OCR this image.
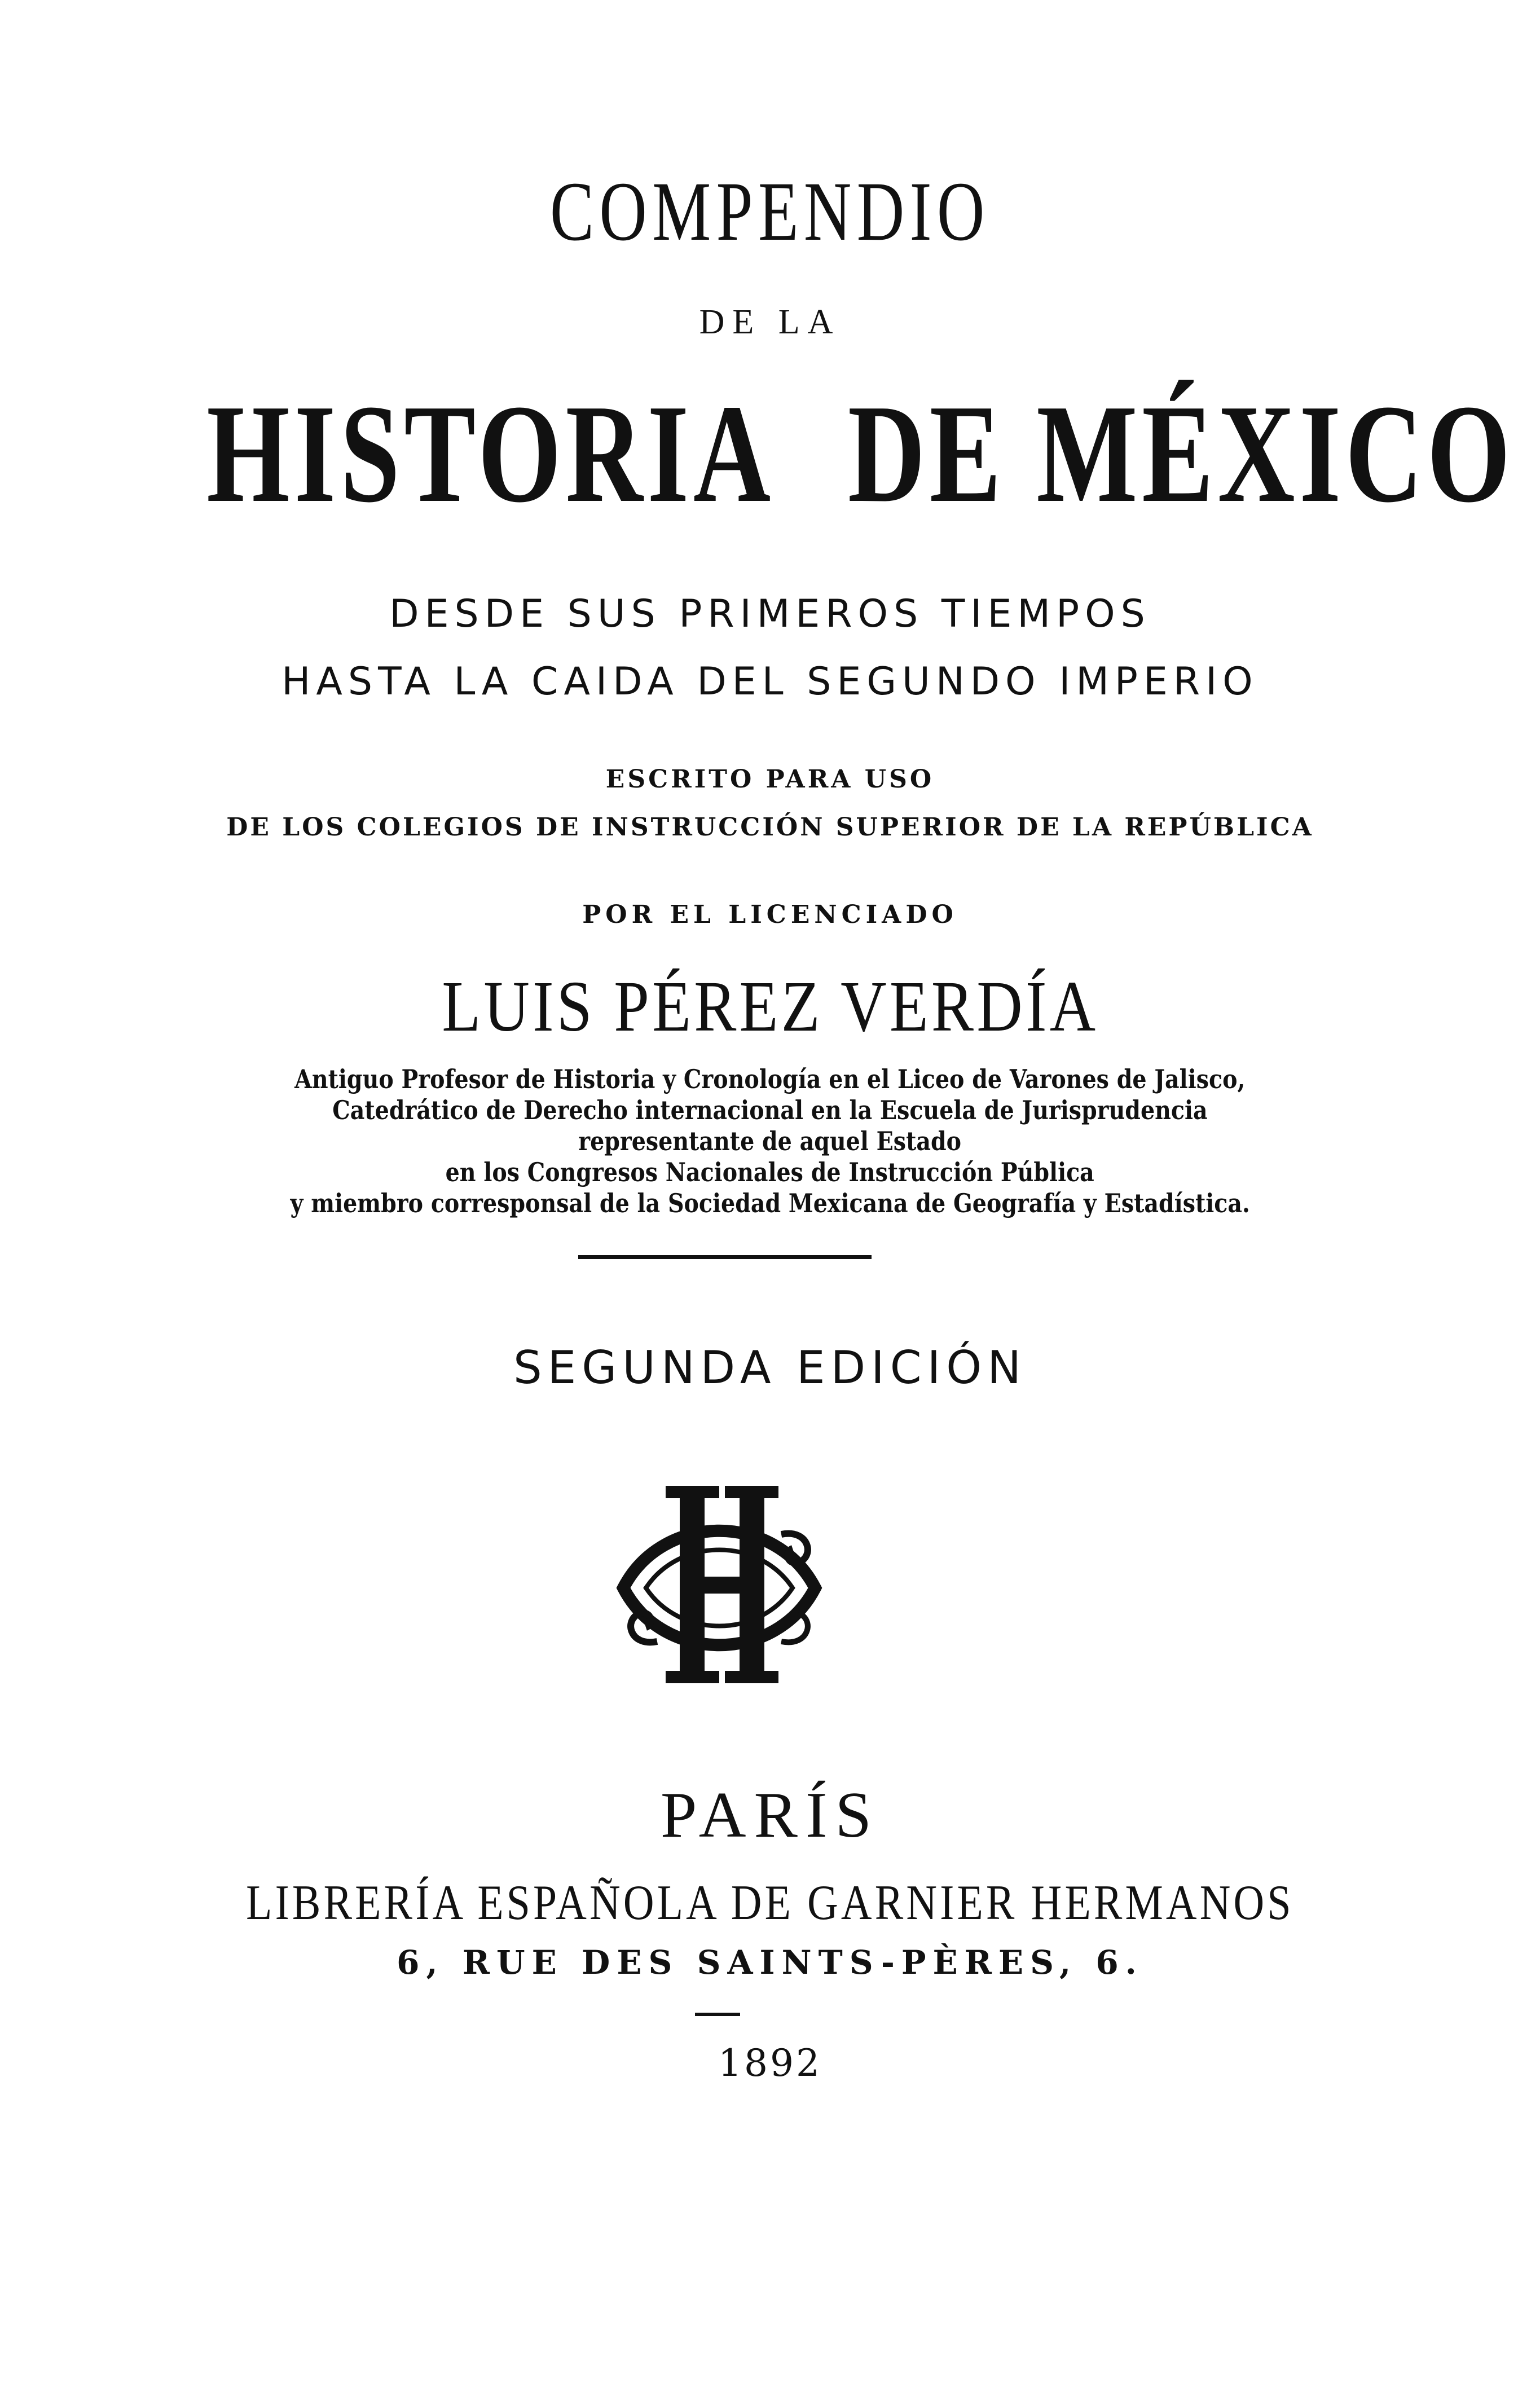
COMPENDIO
DE LA
HISTORIA DE MÉXICO
DESDE SUS PRIMEROS TIEMPOS
HASTA LA CAIDA DEL SEGUNDO IMPERIO
ESCRITO PARA USO
DE LOS COLEGIOS DE INSTRUCCIÓN SUPERIOR DE LA REPÚBLICA
POR EL LICENCIADO
LUIS PÉREZ VERDÍA
Antiguo Profesor de Historia y Cronología en el Liceo de Varones de Jalisco,
Catedrático de Derecho internacional en la Escuela de Jurisprudencia
representante de aquel Estado
en los Congresos Nacionales de Instrucción Pública
y miembro corresponsal de la Sociedad Mexicana de Geografía y Estadística.
SEGUNDA EDICIÓN
PARÍS
LIBRERÍA ESPAÑOLA DE GARNIER HERMANOS
6, RUE DES SAINTS-PÈRES, 6.
1892
